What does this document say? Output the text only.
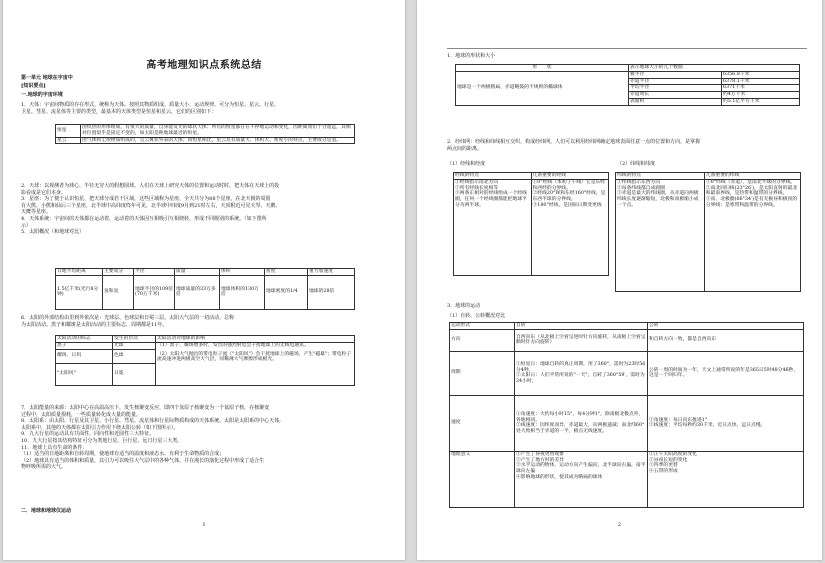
高考地理知识点系统总结
第一单元 地球在宇宙中
[知识要点]
一.地球的宇宙环境
1．天体：宇宙间物质的存在形式，统称为天体。按照其物质组成、质量大小、运动规律，可分为恒星、星云、行星、
卫星、彗星、流星体等主要的类型，最基本的天体类型是恒星和星云，它们的区别如下：
恒星	由炽热的形体组成，有很大的质量，自身能发光的球状天体；所有的恒星都在在不停地运动和变化，因距离我们十分遥远，其相对位置似乎是固定不变的，如太阳是距地球最近的恒星。
星云	由气体和尘埃物质组成的，呈云雾状外表的天体；同恒星相比，星云具有质量大、体积大、密度小的特点，主要成分是氢。
2．天球：以观测者为球心，半径无穷大的假想圆球。人们在天球上研究天体的位置和运动时时，把天体在天球上的投
影看成是它们本身。
3．星座：为了便于认识恒星，把天球分成若干区域，这些区域称为星座，全天共分为88个星座。在北天极的周围
有大熊、小熊和仙后三个星座，北半球中高纬度终年可见，北半球中纬度9月到21时左右，天顶附近可见天琴、天鹅、
天鹰等星座。
4．天体系统：宇宙间的天体都在运动着，运动着的天体因互相吸引互相绕转，形成不同级别的系统。（如下图所
示）
5．太阳概况（和地球对比）
日地平均距离	主要成分	半径	质量	体积	密度	重力加速度
1.5亿千米(光行8分钟)	氢和氦	地球半径的109倍(70万千米)	地球质量的33万多倍	地球体积的130万倍	地球密度的1/4	地球的28倍
6．太阳的外部结构由里到外依次是：光球层、色球层和日冕三层。太阳大气层的一切活动，总称
为太阳活动。黑子和耀斑是太阳活动的主要标志，周期都是11年。
太阳活动的标志	发生的层次	太阳活动对地球的影响
黑子	光球	（1）黑子、耀斑增多时，发出的强烈射电会干扰地球上的无线电通讯。
（2）太阳大气抛出的带电粒子流（"太阳风"）会干扰地球上的磁场，产生"磁暴"；带电粒子流高速冲进两极高空大气层，同稀薄大气摩擦形成极光。

耀斑、日珥	色球	
"太阳风"	日冕	
7．太阳能量的来源：太阳中心在高温高压下，发生核聚变反应，即四个氢原子核聚变为一个氦原子核，在核聚变
过程中，太阳质量损耗，一些质量转化成大量的能量。
8．太阳系：由太阳、行星及其卫星、小行星、彗星、流星体和行星际物质构成的天体系统。太阳是太阳系的中心天体;
太阳系中，其他的天体都在太阳引力作用下绕太阳公转（如下图所示）。
9．九大行星的运动具有共面性、同向性和近圆性三大特征。
10．九大行星按其结构特征可分为类地行星、巨行星、远日行星三大类。
11．地球上具有生命的条件：
（1）适当的日地距离和自转周期，使地球有适当的温度和液态水，有利于生命物质的合成；
（2）地球具有适当的体积和质量，其引力可以吸住大气层中的各种气体，并在漫长的演化过程中形成了适合生
物呼吸所需的大气。
二．地球和地球仪运动
1
1．地球的形状和大小
形　　状	表示地球大小的几个数据	
地球是一个两极稍扁、赤道略鼓的不规则的椭球体	极半径	6356.8千米
	赤道半径	6378.1千米
	平均半径	6371千米
	赤道周长	约4万千米
	表面积	约5.1亿平方千米
2．经纬网：经线和纬线相互交织，构成经纬网。人们可以利用经纬网确定地球表面任意一点的位置和方向，是掌握
两点间的距离。
（1）经线和经度	（2）纬线和纬度
经线的特点	几条重要的经线
①经线指示南北方向
②所有经线长度相等
③两条正相对的经线组成一个经线圈，任何一个经线圈都能把地球平分为两半球。	①0°经线（本初子午线）它是东经和西经的分界线。
②经线20°W和东经160°经线，是东西半球的分界线。
③180°经线，是国际日期变更线
纬线的特点	几条重要的纬线
①纬线指示东西方向
②每条纬线都自成圆圈
③赤道是最大的纬线圈，从赤道向两极纬线长度逐渐缩短，北极和南极缩小成一个点。	①0°纬线（赤道），是南北半球的分界线。
②南北回归线(23°26′)，是太阳直射的最北和最南界线，是热带和温带的分界线。
③南、北极圈(66°34′)是有无极昼和极夜的分界线；是寒带和温带的分界线。
3．地球的运动
（1）自转、公转概况对比
运动形式	自转	公转
方向	自西向东（从北极上空看呈逆时针方向旋转，从南极上空看呈顺时针方向旋转）	和自转方向一致，都是自西向东
周期	①恒星日：地球自转的真正周期，用了360°，需时为23时56分4秒。
②太阳日：人们平常所说的"一天"，自转了360°59′，需时为24小时。	公转一周的时间为一年，天文上通常所说的年是365日5时48分46秒，这是一个回归年。
速度	①角速度：大约每小时15°，每4分钟1°，除南极北极点外，各地相同。
②线速度：因纬度而异，赤道最大，向两极递减；南北纬60°处大致相当于赤道的一半，极点无线速度。	①角速度：每日向东推进1°
②线速度：平均每秒约30千米，近日点快，远日点慢。
地理意义	①产生了昼夜更替现象
②产生了地方时的差异
③水平运动的物体，运动方向产生偏向，北半球向右偏，南半球向左偏
④影响地球的形状，使其成为略扁的球体	①正午太阳高度的变化
②昼夜长短的变化
③四季的更替
④五带的形成
2
